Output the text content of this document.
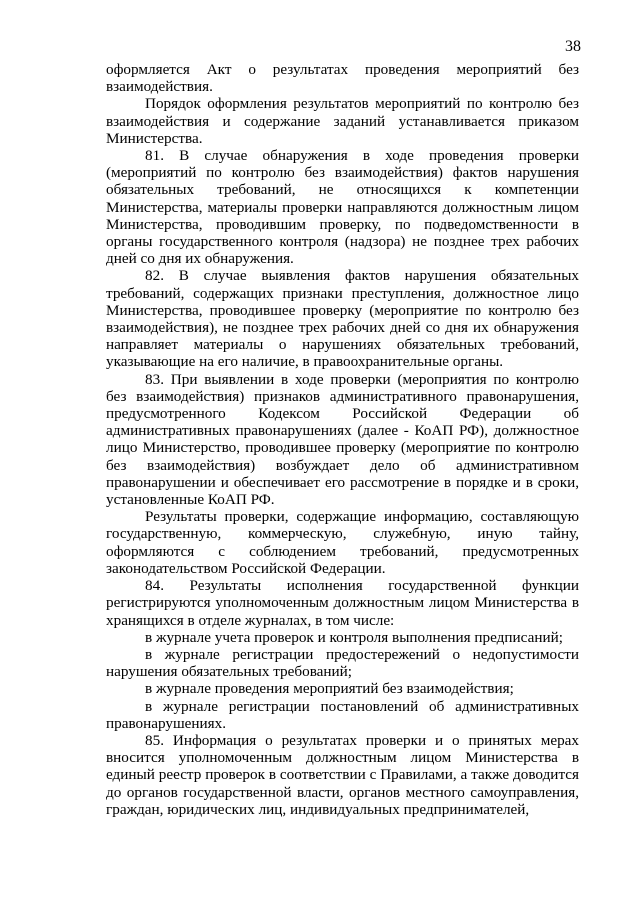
38

оформляется Акт о результатах проведения мероприятий без взаимодействия.

Порядок оформления результатов мероприятий по контролю без взаимодействия и содержание заданий устанавливается приказом Министерства.

81. В случае обнаружения в ходе проведения проверки (мероприятий по контролю без взаимодействия) фактов нарушения обязательных требований, не относящихся к компетенции Министерства, материалы проверки направляются должностным лицом Министерства, проводившим проверку, по подведомственности в органы государственного контроля (надзора) не позднее трех рабочих дней со дня их обнаружения.

82. В случае выявления фактов нарушения обязательных требований, содержащих признаки преступления, должностное лицо Министерства, проводившее проверку (мероприятие по контролю без взаимодействия), не позднее трех рабочих дней со дня их обнаружения направляет материалы о нарушениях обязательных требований, указывающие на его наличие, в правоохранительные органы.

83. При выявлении в ходе проверки (мероприятия по контролю без взаимодействия) признаков административного правонарушения, предусмотренного Кодексом Российской Федерации об административных правонарушениях (далее - КоАП РФ), должностное лицо Министерство, проводившее проверку (мероприятие по контролю без взаимодействия) возбуждает дело об административном правонарушении и обеспечивает его рассмотрение в порядке и в сроки, установленные КоАП РФ.

Результаты проверки, содержащие информацию, составляющую государственную, коммерческую, служебную, иную тайну, оформляются с соблюдением требований, предусмотренных законодательством Российской Федерации.

84. Результаты исполнения государственной функции регистрируются уполномоченным должностным лицом Министерства в хранящихся в отделе журналах, в том числе:

в журнале учета проверок и контроля выполнения предписаний;

в журнале регистрации предостережений о недопустимости нарушения обязательных требований;

в журнале проведения мероприятий без взаимодействия;

в журнале регистрации постановлений об административных правонарушениях.

85. Информация о результатах проверки и о принятых мерах вносится уполномоченным должностным лицом Министерства в единый реестр проверок в соответствии с Правилами, а также доводится до органов государственной власти, органов местного самоуправления, граждан, юридических лиц, индивидуальных предпринимателей,
